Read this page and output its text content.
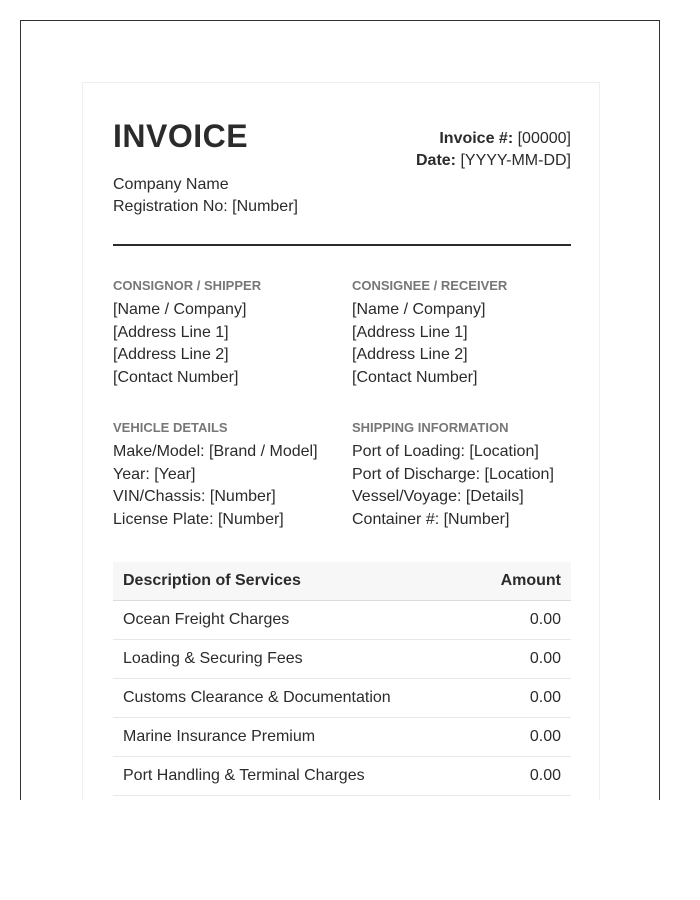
INVOICE	Invoice #: [00000]
Date: [YYYY-MM-DD]
Company Name
Registration No: [Number]
CONSIGNOR / SHIPPER
[Name / Company]
[Address Line 1]
[Address Line 2]
[Contact Number]
CONSIGNEE / RECEIVER
[Name / Company]
[Address Line 1]
[Address Line 2]
[Contact Number]
VEHICLE DETAILS
Make/Model: [Brand / Model]
Year: [Year]
VIN/Chassis: [Number]
License Plate: [Number]
SHIPPING INFORMATION
Port of Loading: [Location]
Port of Discharge: [Location]
Vessel/Voyage: [Details]
Container #: [Number]
Description of Services	Amount
Ocean Freight Charges	0.00
Loading & Securing Fees	0.00
Customs Clearance & Documentation	0.00
Marine Insurance Premium	0.00
Port Handling & Terminal Charges	0.00
